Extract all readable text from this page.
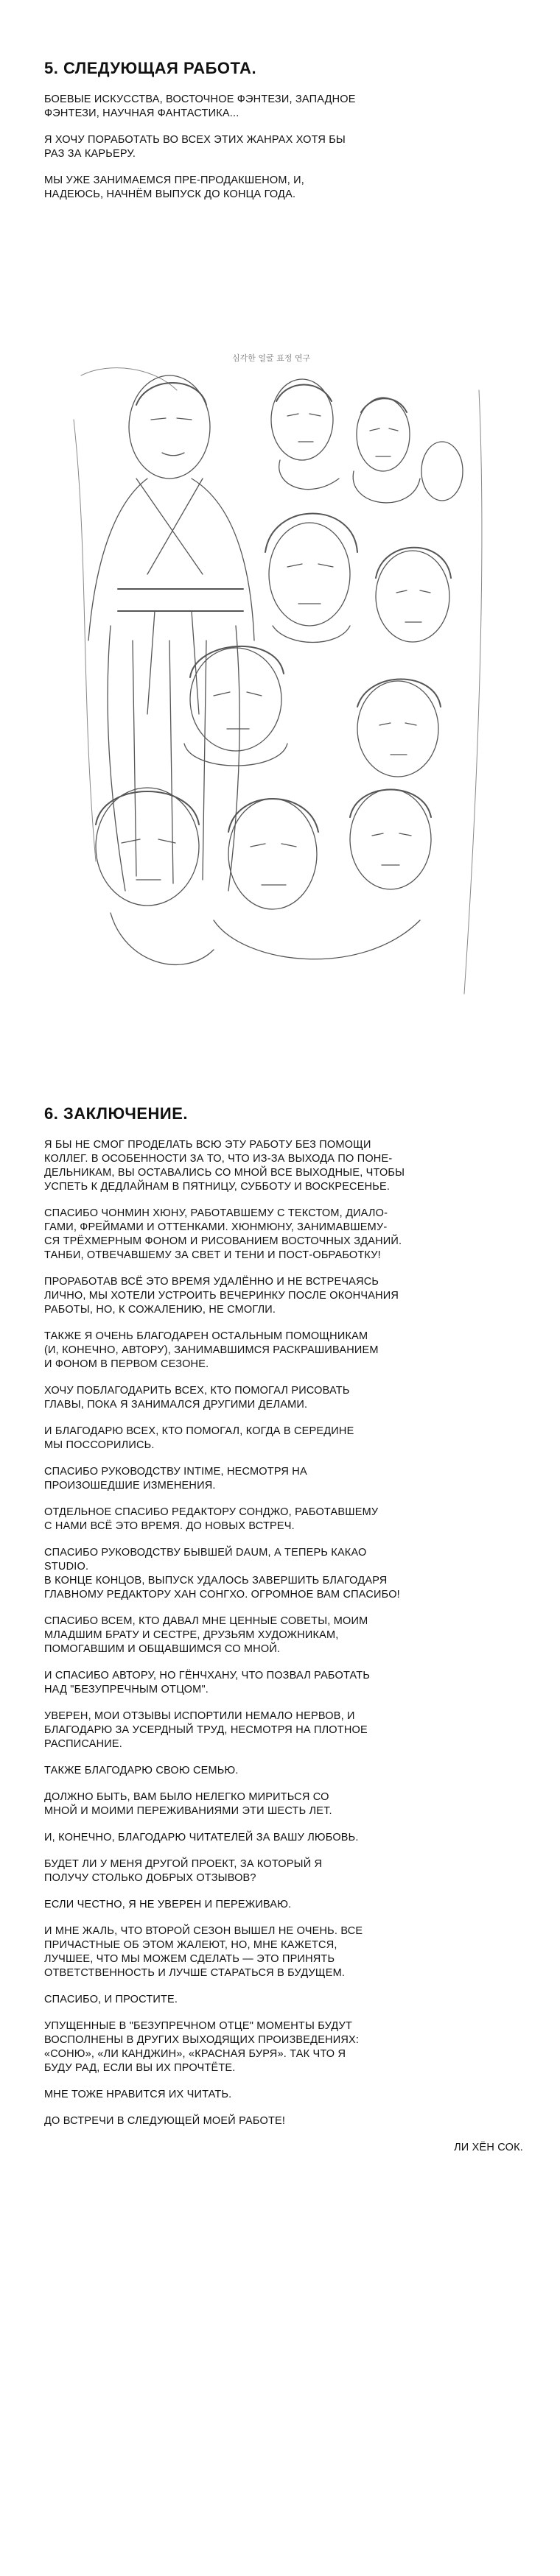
5. СЛЕДУЮЩАЯ РАБОТА.

БОЕВЫЕ ИСКУССТВА, ВОСТОЧНОЕ ФЭНТЕЗИ, ЗАПАДНОЕ
ФЭНТЕЗИ, НАУЧНАЯ ФАНТАСТИКА...

Я ХОЧУ ПОРАБОТАТЬ ВО ВСЕХ ЭТИХ ЖАНРАХ ХОТЯ БЫ
РАЗ ЗА КАРЬЕРУ.

МЫ УЖЕ ЗАНИМАЕМСЯ ПРЕ-ПРОДАКШЕНОМ, И,
НАДЕЮСЬ, НАЧНЁМ ВЫПУСК ДО КОНЦА ГОДА.

심각한 얼굴 표정 연구
6. ЗАКЛЮЧЕНИЕ.

Я БЫ НЕ СМОГ ПРОДЕЛАТЬ ВСЮ ЭТУ РАБОТУ БЕЗ ПОМОЩИ
КОЛЛЕГ. В ОСОБЕННОСТИ ЗА ТО, ЧТО ИЗ-ЗА ВЫХОДА ПО ПОНЕ-
ДЕЛЬНИКАМ, ВЫ ОСТАВАЛИСЬ СО МНОЙ ВСЕ ВЫХОДНЫЕ, ЧТОБЫ
УСПЕТЬ К ДЕДЛАЙНАМ В ПЯТНИЦУ, СУББОТУ И ВОСКРЕСЕНЬЕ.

СПАСИБО ЧОНМИН ХЮНУ, РАБОТАВШЕМУ С ТЕКСТОМ, ДИАЛО-
ГАМИ, ФРЕЙМАМИ И ОТТЕНКАМИ. ХЮНМЮНУ, ЗАНИМАВШЕМУ-
СЯ ТРЁХМЕРНЫМ ФОНОМ И РИСОВАНИЕМ ВОСТОЧНЫХ ЗДАНИЙ.
ТАНБИ, ОТВЕЧАВШЕМУ ЗА СВЕТ И ТЕНИ И ПОСТ-ОБРАБОТКУ!

ПРОРАБОТАВ ВСЁ ЭТО ВРЕМЯ УДАЛЁННО И НЕ ВСТРЕЧАЯСЬ
ЛИЧНО, МЫ ХОТЕЛИ УСТРОИТЬ ВЕЧЕРИНКУ ПОСЛЕ ОКОНЧАНИЯ
РАБОТЫ, НО, К СОЖАЛЕНИЮ, НЕ СМОГЛИ.

ТАКЖЕ Я ОЧЕНЬ БЛАГОДАРЕН ОСТАЛЬНЫМ ПОМОЩНИКАМ
(И, КОНЕЧНО, АВТОРУ), ЗАНИМАВШИМСЯ РАСКРАШИВАНИЕМ
И ФОНОМ В ПЕРВОМ СЕЗОНЕ.

ХОЧУ ПОБЛАГОДАРИТЬ ВСЕХ, КТО ПОМОГАЛ РИСОВАТЬ
ГЛАВЫ, ПОКА Я ЗАНИМАЛСЯ ДРУГИМИ ДЕЛАМИ.

И БЛАГОДАРЮ ВСЕХ, КТО ПОМОГАЛ, КОГДА В СЕРЕДИНЕ
МЫ ПОССОРИЛИСЬ.

СПАСИБО РУКОВОДСТВУ INTIME, НЕСМОТРЯ НА
ПРОИЗОШЕДШИЕ ИЗМЕНЕНИЯ.

ОТДЕЛЬНОЕ СПАСИБО РЕДАКТОРУ СОНДЖО, РАБОТАВШЕМУ
С НАМИ ВСЁ ЭТО ВРЕМЯ. ДО НОВЫХ ВСТРЕЧ.

СПАСИБО РУКОВОДСТВУ БЫВШЕЙ DAUM, А ТЕПЕРЬ КАКАО
STUDIO.
В КОНЦЕ КОНЦОВ, ВЫПУСК УДАЛОСЬ ЗАВЕРШИТЬ БЛАГОДАРЯ
ГЛАВНОМУ РЕДАКТОРУ ХАН СОНГХО. ОГРОМНОЕ ВАМ СПАСИБО!

СПАСИБО ВСЕМ, КТО ДАВАЛ МНЕ ЦЕННЫЕ СОВЕТЫ, МОИМ
МЛАДШИМ БРАТУ И СЕСТРЕ, ДРУЗЬЯМ ХУДОЖНИКАМ,
ПОМОГАВШИМ И ОБЩАВШИМСЯ СО МНОЙ.

И СПАСИБО АВТОРУ, НО ГЁНЧХАНУ, ЧТО ПОЗВАЛ РАБОТАТЬ
НАД "БЕЗУПРЕЧНЫМ ОТЦОМ".

УВЕРЕН, МОИ ОТЗЫВЫ ИСПОРТИЛИ НЕМАЛО НЕРВОВ, И
БЛАГОДАРЮ ЗА УСЕРДНЫЙ ТРУД, НЕСМОТРЯ НА ПЛОТНОЕ
РАСПИСАНИЕ.

ТАКЖЕ БЛАГОДАРЮ СВОЮ СЕМЬЮ.

ДОЛЖНО БЫТЬ, ВАМ БЫЛО НЕЛЕГКО МИРИТЬСЯ СО
МНОЙ И МОИМИ ПЕРЕЖИВАНИЯМИ ЭТИ ШЕСТЬ ЛЕТ.

И, КОНЕЧНО, БЛАГОДАРЮ ЧИТАТЕЛЕЙ ЗА ВАШУ ЛЮБОВЬ.

БУДЕТ ЛИ У МЕНЯ ДРУГОЙ ПРОЕКТ, ЗА КОТОРЫЙ Я
ПОЛУЧУ СТОЛЬКО ДОБРЫХ ОТЗЫВОВ?

ЕСЛИ ЧЕСТНО, Я НЕ УВЕРЕН И ПЕРЕЖИВАЮ.

И МНЕ ЖАЛЬ, ЧТО ВТОРОЙ СЕЗОН ВЫШЕЛ НЕ ОЧЕНЬ. ВСЕ
ПРИЧАСТНЫЕ ОБ ЭТОМ ЖАЛЕЮТ, НО, МНЕ КАЖЕТСЯ,
ЛУЧШЕЕ, ЧТО МЫ МОЖЕМ СДЕЛАТЬ — ЭТО ПРИНЯТЬ
ОТВЕТСТВЕННОСТЬ И ЛУЧШЕ СТАРАТЬСЯ В БУДУЩЕМ.

СПАСИБО, И ПРОСТИТЕ.

УПУЩЕННЫЕ В "БЕЗУПРЕЧНОМ ОТЦЕ" МОМЕНТЫ БУДУТ
ВОСПОЛНЕНЫ В ДРУГИХ ВЫХОДЯЩИХ ПРОИЗВЕДЕНИЯХ:
«СОНЮ», «ЛИ КАНДЖИН», «КРАСНАЯ БУРЯ». ТАК ЧТО Я
БУДУ РАД, ЕСЛИ ВЫ ИХ ПРОЧТЁТЕ.

МНЕ ТОЖЕ НРАВИТСЯ ИХ ЧИТАТЬ.

ДО ВСТРЕЧИ В СЛЕДУЮЩЕЙ МОЕЙ РАБОТЕ!

ЛИ ХЁН СОК.
